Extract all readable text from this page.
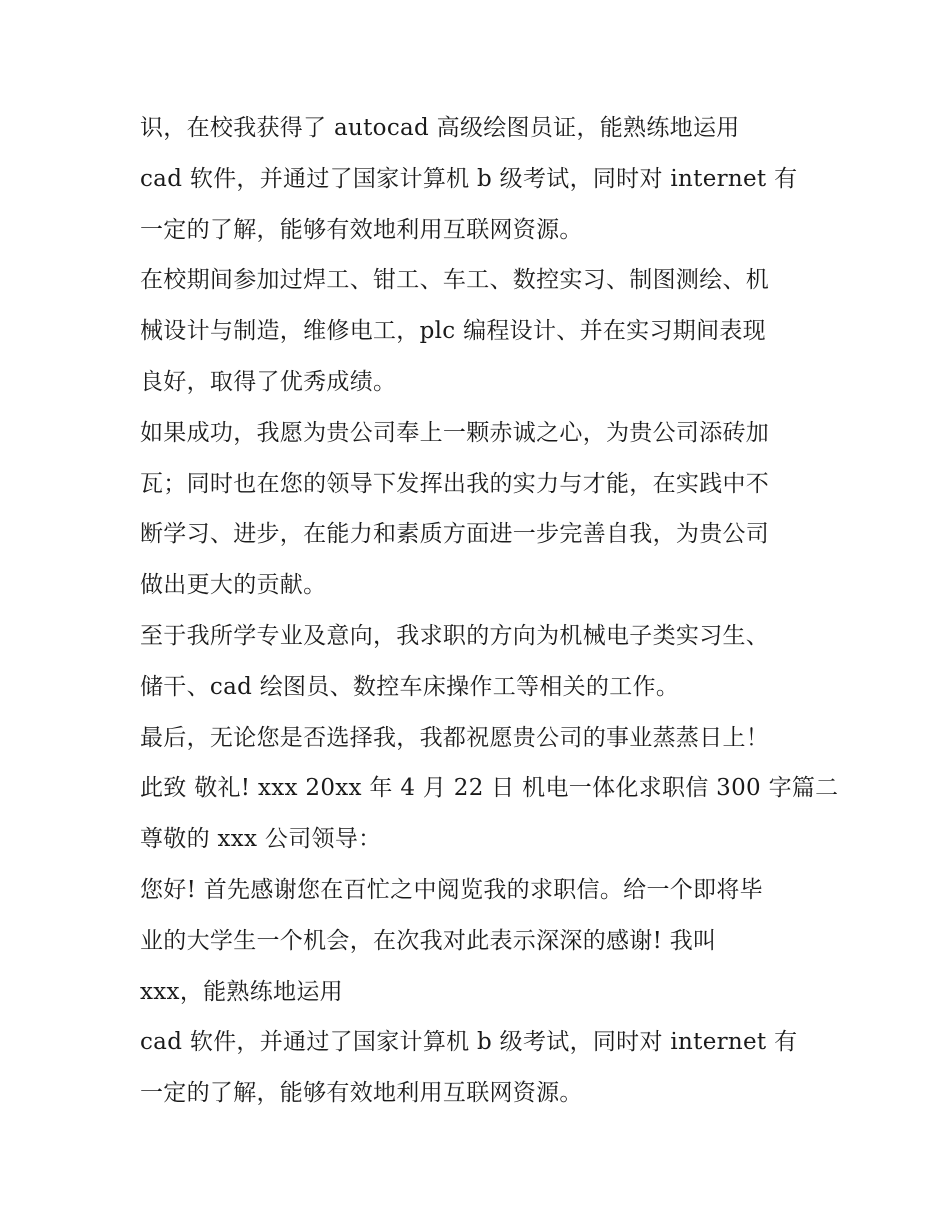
识，在校我获得了 autocad 高级绘图员证，能熟练地运用
cad 软件，并通过了国家计算机 b 级考试，同时对 internet 有
一定的了解，能够有效地利用互联网资源。
在校期间参加过焊工、钳工、车工、数控实习、制图测绘、机
械设计与制造，维修电工，plc 编程设计、并在实习期间表现
良好，取得了优秀成绩。
如果成功，我愿为贵公司奉上一颗赤诚之心，为贵公司添砖加
瓦；同时也在您的领导下发挥出我的实力与才能，在实践中不
断学习、进步，在能力和素质方面进一步完善自我，为贵公司
做出更大的贡献。
至于我所学专业及意向，我求职的方向为机械电子类实习生、
储干、cad 绘图员、数控车床操作工等相关的工作。
最后，无论您是否选择我，我都祝愿贵公司的事业蒸蒸日上！
此致 敬礼! xxx 20xx 年 4 月 22 日 机电一体化求职信 300 字篇二
尊敬的 xxx 公司领导：
您好! 首先感谢您在百忙之中阅览我的求职信。给一个即将毕
业的大学生一个机会，在次我对此表示深深的感谢! 我叫
xxx，能熟练地运用
cad 软件，并通过了国家计算机 b 级考试，同时对 internet 有
一定的了解，能够有效地利用互联网资源。
